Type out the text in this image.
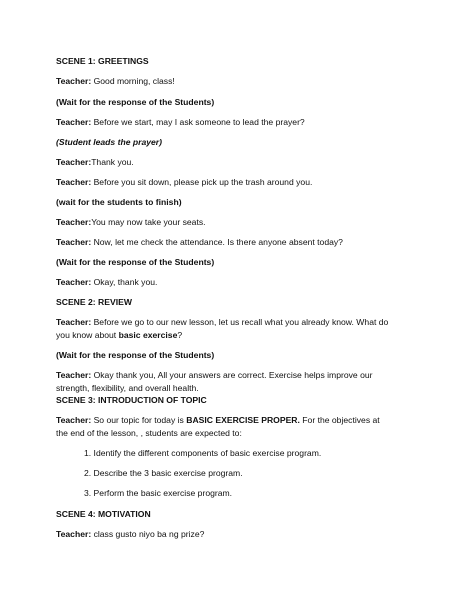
SCENE 1: GREETINGS
Teacher: Good morning, class!
(Wait for the response of the Students)
Teacher: Before we start, may I ask someone to lead the prayer?
(Student leads the prayer)
Teacher:Thank you.
Teacher: Before you sit down, please pick up the trash around you.
(wait for the students to finish)
Teacher:You may now take your seats.
Teacher: Now, let me check the attendance. Is there anyone absent today?
(Wait for the response of the Students)
Teacher: Okay, thank you.
SCENE 2: REVIEW
Teacher: Before we go to our new lesson, let us recall what you already know. What do
you know about basic exercise?
(Wait for the response of the Students)
Teacher: Okay thank you, All your answers are correct. Exercise helps improve our
strength, flexibility, and overall health.
SCENE 3: INTRODUCTION OF TOPIC
Teacher: So our topic for today is BASIC EXERCISE PROPER. For the objectives at
the end of the lesson, , students are expected to:
1. Identify the different components of basic exercise program.
2. Describe the 3 basic exercise program.
3. Perform the basic exercise program.
SCENE 4: MOTIVATION
Teacher: class gusto niyo ba ng prize?
